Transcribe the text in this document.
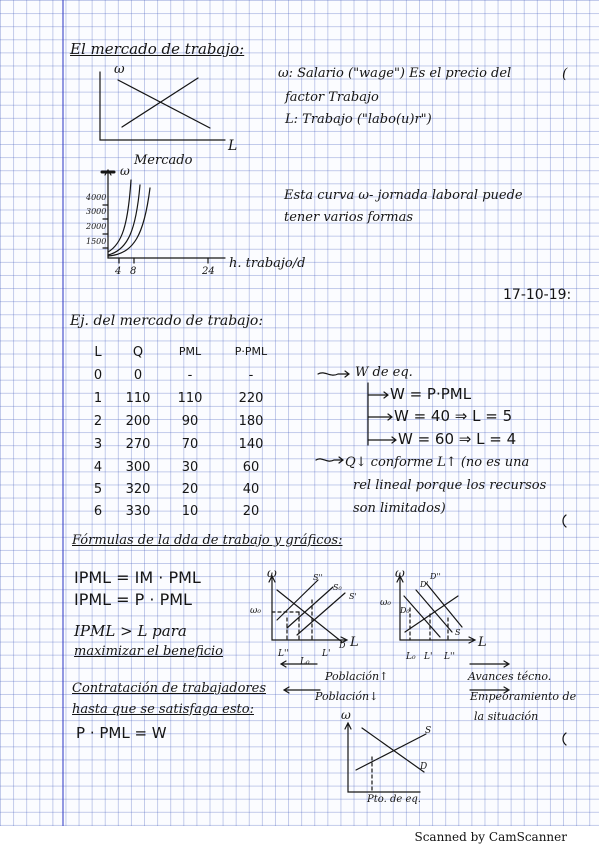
El mercado de trabajo:
ω: Salario ("wage") Es el precio del
factor Trabajo
L: Trabajo ("labo(u)r")
(
ω
L
Mercado
ω
4000
3000
2000
1500
4 8	24
h. trabajo/d
Esta curva ω- jornada laboral puede
tener varios formas
17-10-19:
Ej. del mercado de trabajo:
L	Q	PML	P·PML
0	0	-	-
1	110	110	220
2	200	90	180
3	270	70	140
4	300	30	60
5	320	20	40
6	330	10	20
W de eq.
W = P·PML
W = 40 ⇒ L = 5
W = 60 ⇒ L = 4
Q↓ conforme L↑ (no es una
rel lineal porque los recursos
son limitados)
Fórmulas de la dda de trabajo y gráficos:
IPML = IM · PML
IPML = P · PML
IPML > L para
maximizar el beneficio
Contratación de trabajadores
hasta que se satisfaga esto:
P · PML = W
ω
L
ω₀
L''
L₀
L'
S''
S₀
S'
D
Población↑
Población↓
ω
L
ω₀
D'
D''
D₀
L₀ L' L''
S
Avances técno.
Empeoramiento de
la situación
ω
S
D
Pto. de eq.
Scanned by CamScanner
